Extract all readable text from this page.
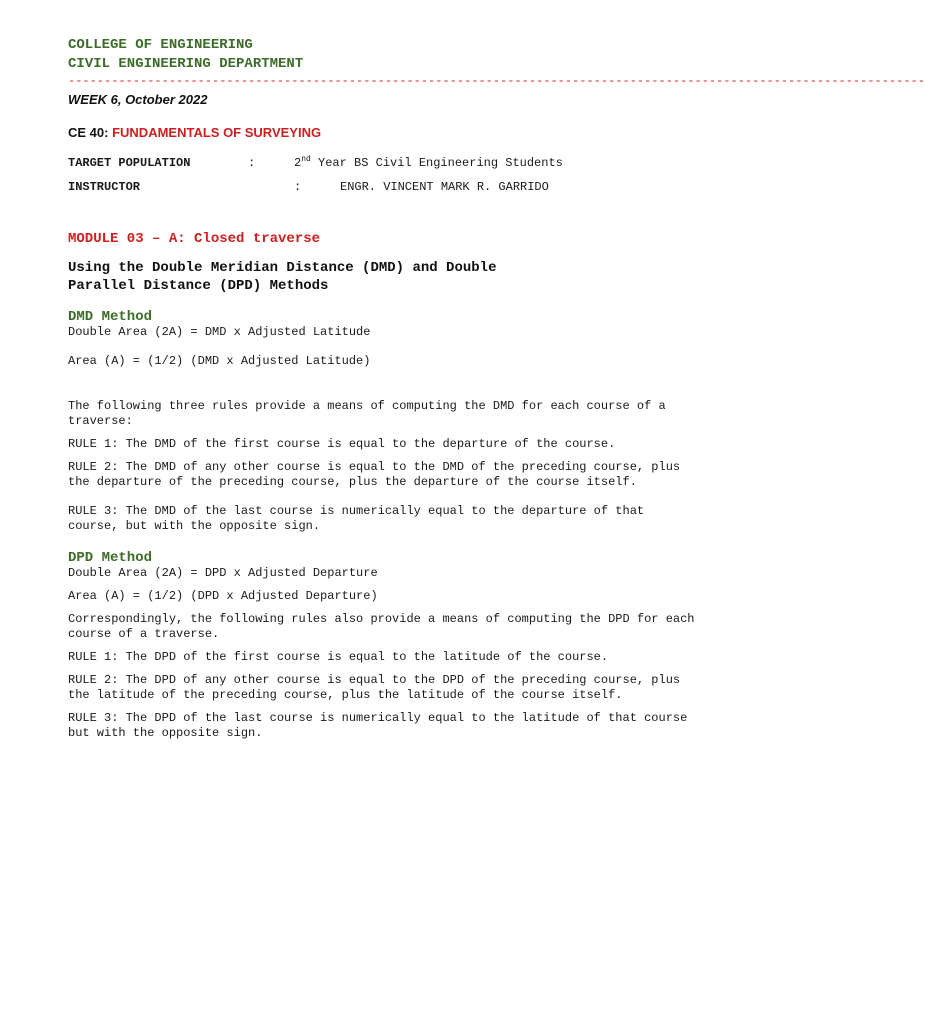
COLLEGE OF ENGINEERING
CIVIL ENGINEERING DEPARTMENT
-----------------------------------------------------------------------------------------------------------------------
WEEK 6, October 2022
CE 40: FUNDAMENTALS OF SURVEYING
TARGET POPULATION	:	2nd Year BS Civil Engineering Students
INSTRUCTOR	:	ENGR. VINCENT MARK R. GARRIDO
MODULE 03 – A: Closed traverse
Using the Double Meridian Distance (DMD) and Double
Parallel Distance (DPD) Methods
DMD Method

Double Area (2A) = DMD x Adjusted Latitude

Area (A) = (1/2) (DMD x Adjusted Latitude)

The following three rules provide a means of computing the DMD for each course of a traverse:

RULE 1: The DMD of the first course is equal to the departure of the course.

RULE 2: The DMD of any other course is equal to the DMD of the preceding course, plus the departure of the preceding course, plus the departure of the course itself.

RULE 3: The DMD of the last course is numerically equal to the departure of that course, but with the opposite sign.

DPD Method

Double Area (2A) = DPD x Adjusted Departure

Area (A) = (1/2) (DPD x Adjusted Departure)

Correspondingly, the following rules also provide a means of computing the DPD for each course of a traverse.

RULE 1: The DPD of the first course is equal to the latitude of the course.

RULE 2: The DPD of any other course is equal to the DPD of the preceding course, plus the latitude of the preceding course, plus the latitude of the course itself.

RULE 3: The DPD of the last course is numerically equal to the latitude of that course but with the opposite sign.
